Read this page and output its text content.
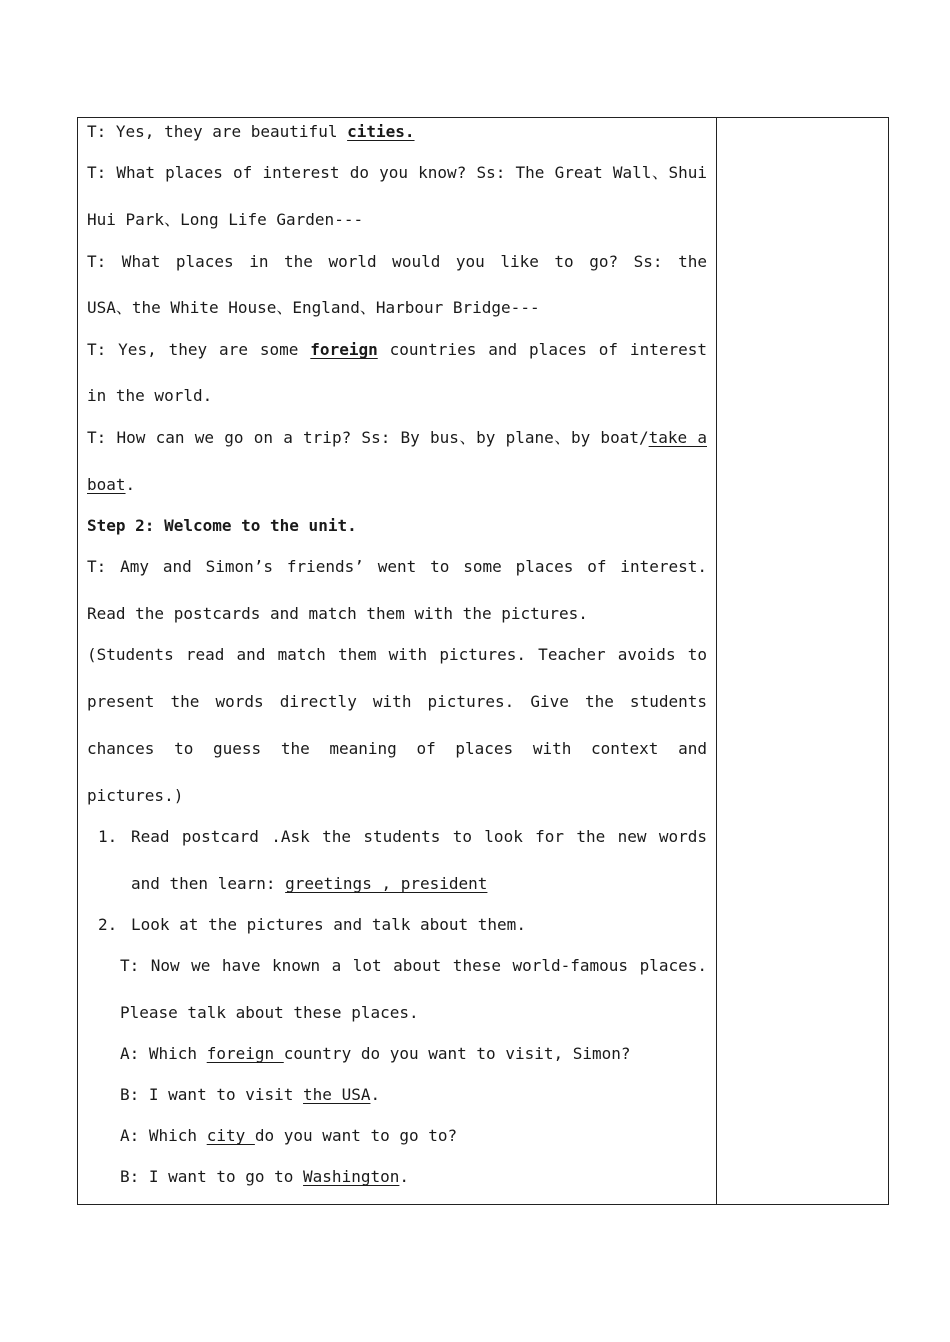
T: Yes, they are beautiful cities.
T: What places of interest do you know? Ss: The Great Wall、Shui
Hui Park、Long Life Garden---
T: What places in the world would you like to go? Ss: the
USA、the White House、England、Harbour Bridge---
T: Yes, they are some foreign countries and places of interest
in the world.
T: How can we go on a trip? Ss: By bus、by plane、by boat/take a
boat.
Step 2: Welcome to the unit.
T: Amy and Simon’s friends’ went to some places of interest.
Read the postcards and match them with the pictures.
(Students read and match them with pictures. Teacher avoids to
present the words directly with pictures. Give the students
chances to guess the meaning of places with context and
pictures.)
1. Read postcard .Ask the students to look for the new words
and then learn: greetings , president
2. Look at the pictures and talk about them.
T: Now we have known a lot about these world-famous places.
Please talk about these places.
A: Which foreign country do you want to visit, Simon?
B: I want to visit the USA.
A: Which city do you want to go to?
B: I want to go to Washington.
